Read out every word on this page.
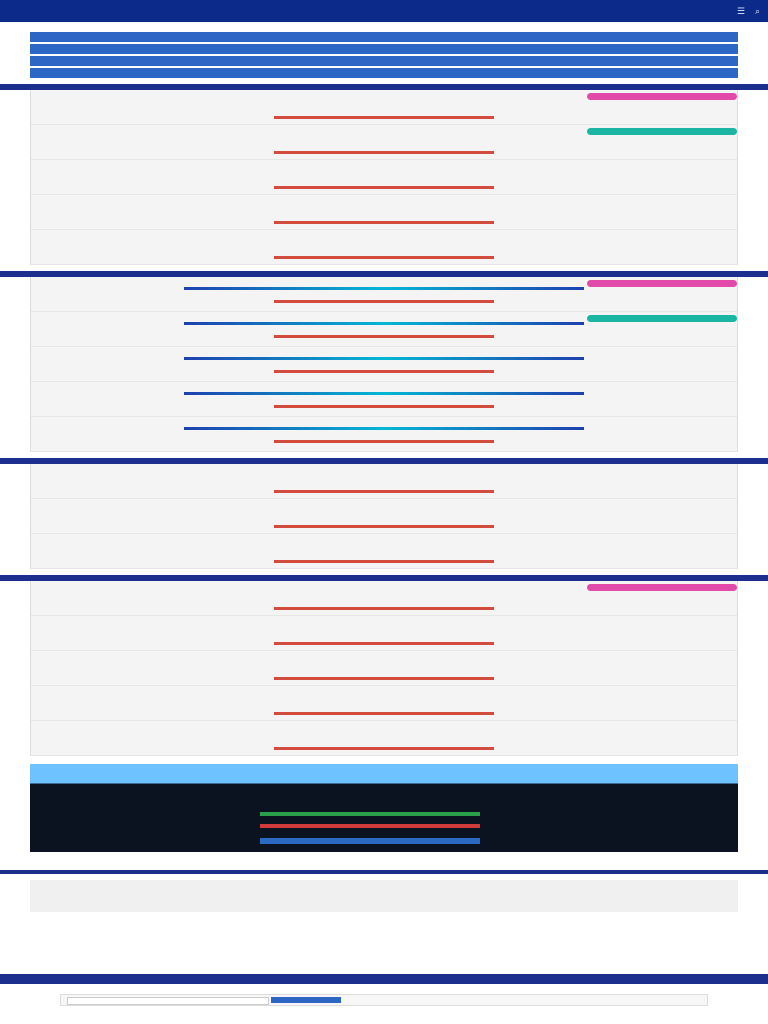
☰ ⌕
